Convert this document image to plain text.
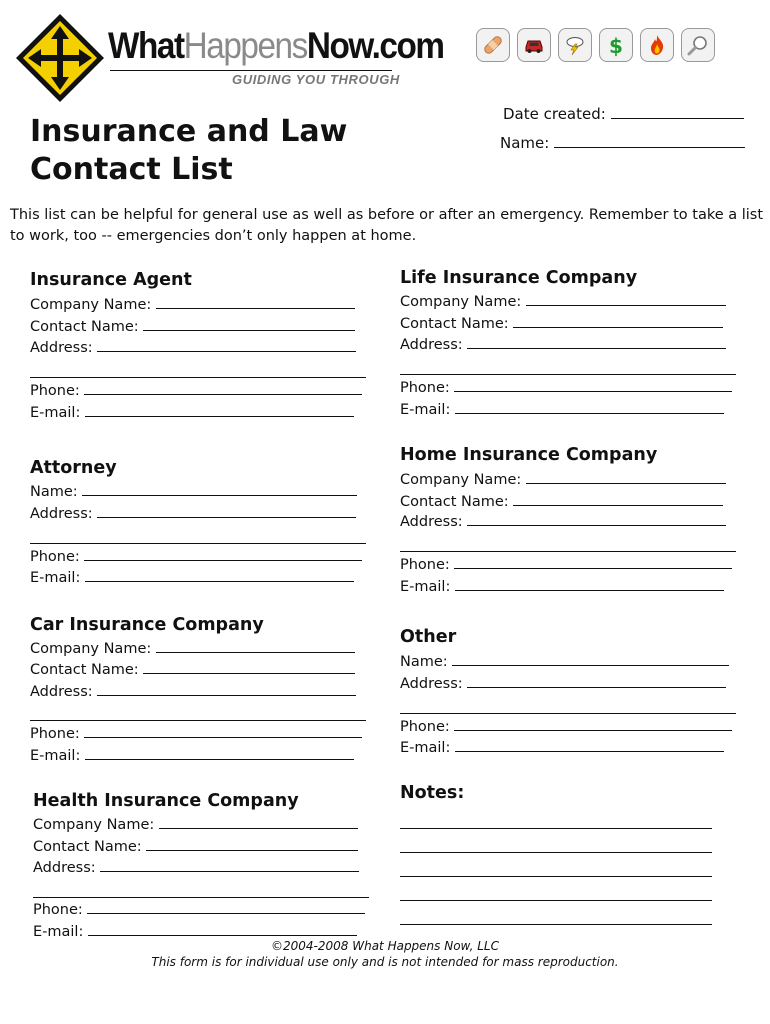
WhatHappensNow.com
GUIDING YOU THROUGH
$
Insurance and Law
Contact List
Date created:
Name:
This list can be helpful for general use as well as before or after an emergency. Remember to take a list to work, too -- emergencies don’t only happen at home.
Insurance Agent
Company Name:
Contact Name:
Address:
Phone:
E-mail:
Attorney
Name:
Address:
Phone:
E-mail:
Car Insurance Company
Company Name:
Contact Name:
Address:
Phone:
E-mail:
Health Insurance Company
Company Name:
Contact Name:
Address:
Phone:
E-mail:
Life Insurance Company
Company Name:
Contact Name:
Address:
Phone:
E-mail:
Home Insurance Company
Company Name:
Contact Name:
Address:
Phone:
E-mail:
Other
Name:
Address:
Phone:
E-mail:
Notes:
©2004-2008 What Happens Now, LLC
This form is for individual use only and is not intended for mass reproduction.
